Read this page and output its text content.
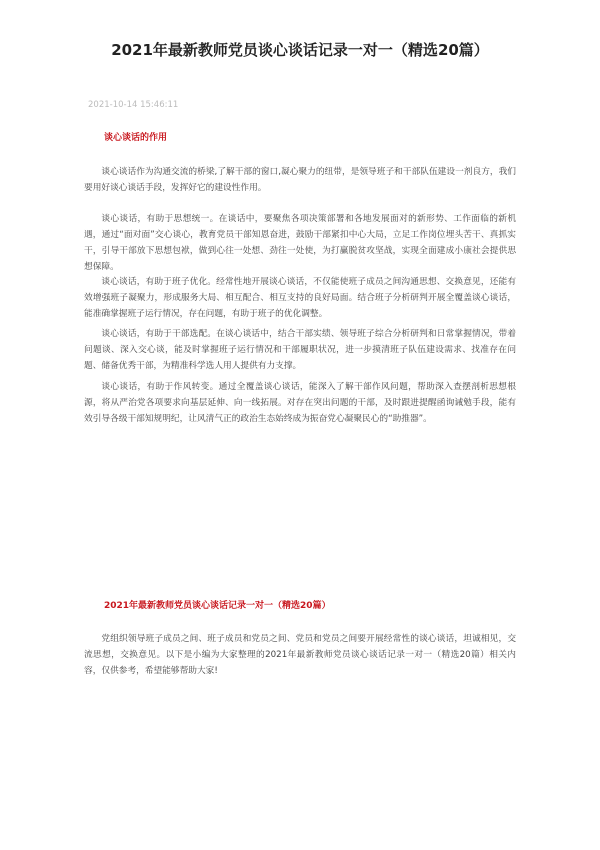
2021年最新教师党员谈心谈话记录一对一（精选20篇）
2021-10-14 15:46:11
谈心谈话的作用

谈心谈话作为沟通交流的桥梁,了解干部的窗口,凝心聚力的纽带，是领导班子和干部队伍建设一剂良方，我们要用好谈心谈话手段，发挥好它的建设性作用。

谈心谈话，有助于思想统一。在谈话中，要聚焦各项决策部署和各地发展面对的新形势、工作面临的新机遇，通过“面对面”交心谈心，教育党员干部知恩奋进，鼓励干部紧扣中心大局，立足工作岗位埋头苦干、真抓实干，引导干部放下思想包袱，做到心往一处想、劲往一处使，为打赢脱贫攻坚战，实现全面建成小康社会提供思想保障。

谈心谈话，有助于班子优化。经常性地开展谈心谈话，不仅能使班子成员之间沟通思想、交换意见，还能有效增强班子凝聚力，形成服务大局、相互配合、相互支持的良好局面。结合班子分析研判开展全覆盖谈心谈话，能准确掌握班子运行情况，存在问题，有助于班子的优化调整。

谈心谈话，有助于干部选配。在谈心谈话中，结合干部实绩、领导班子综合分析研判和日常掌握情况，带着问题谈、深入交心谈，能及时掌握班子运行情况和干部履职状况，进一步摸清班子队伍建设需求、找准存在问题、储备优秀干部，为精准科学选人用人提供有力支撑。

谈心谈话，有助于作风转变。通过全覆盖谈心谈话，能深入了解干部作风问题，帮助深入查摆剖析思想根源，将从严治党各项要求向基层延伸、向一线拓展。对存在突出问题的干部，及时跟进提醒函询诫勉手段，能有效引导各级干部知规明纪，让风清气正的政治生态始终成为振奋党心凝聚民心的“助推器”。

2021年最新教师党员谈心谈话记录一对一（精选20篇）

党组织领导班子成员之间、班子成员和党员之间、党员和党员之间要开展经常性的谈心谈话，坦诚相见，交流思想，交换意见。以下是小编为大家整理的2021年最新教师党员谈心谈话记录一对一（精选20篇）相关内容，仅供参考，希望能够帮助大家!
